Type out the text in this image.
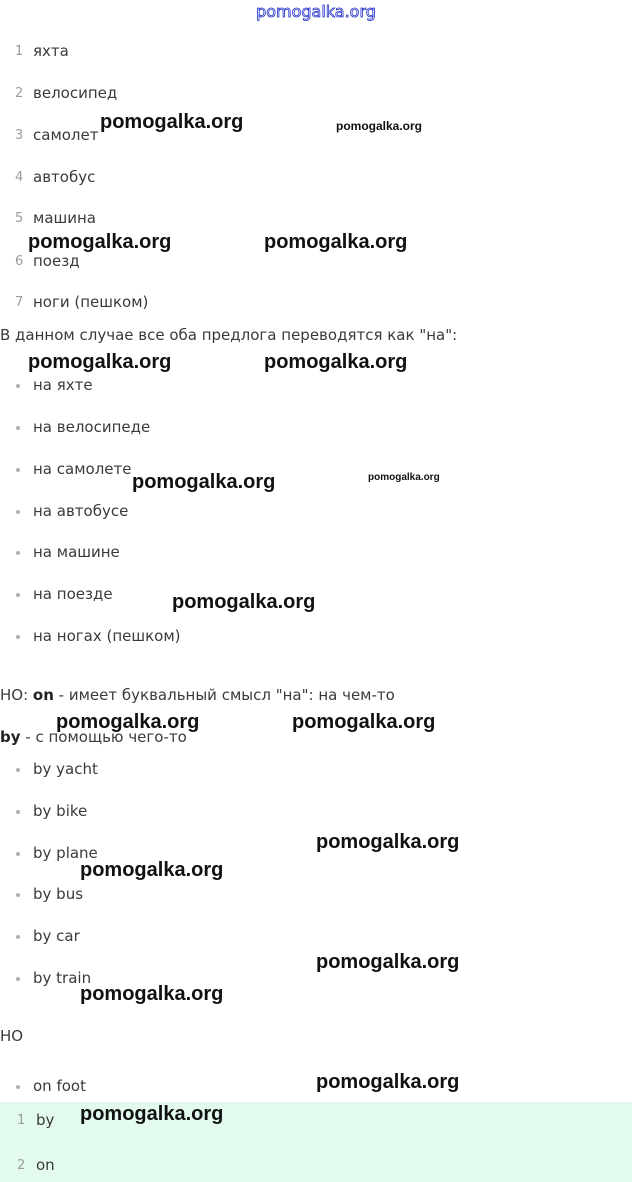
pomogalka.org
1 яхта
2 велосипед
3 самолет
4 автобус
5 машина
6 поезд
7 ноги (пешком)
В данном случае все оба предлога переводятся как "на":
на яхте
на велосипеде
на самолете
на автобусе
на машине
на поезде
на ногах (пешком)
НО: on - имеет буквальный смысл "на": на чем-то
by - с помощью чего-то
by yacht
by bike
by plane
by bus
by car
by train
НО
on foot
1 by
2 on
pomogalka.org	pomogalka.org
pomogalka.org	pomogalka.org
pomogalka.org	pomogalka.org
pomogalka.org	pomogalka.org
pomogalka.org
pomogalka.org	pomogalka.org
pomogalka.org
pomogalka.org
pomogalka.org
pomogalka.org
pomogalka.org
pomogalka.org
